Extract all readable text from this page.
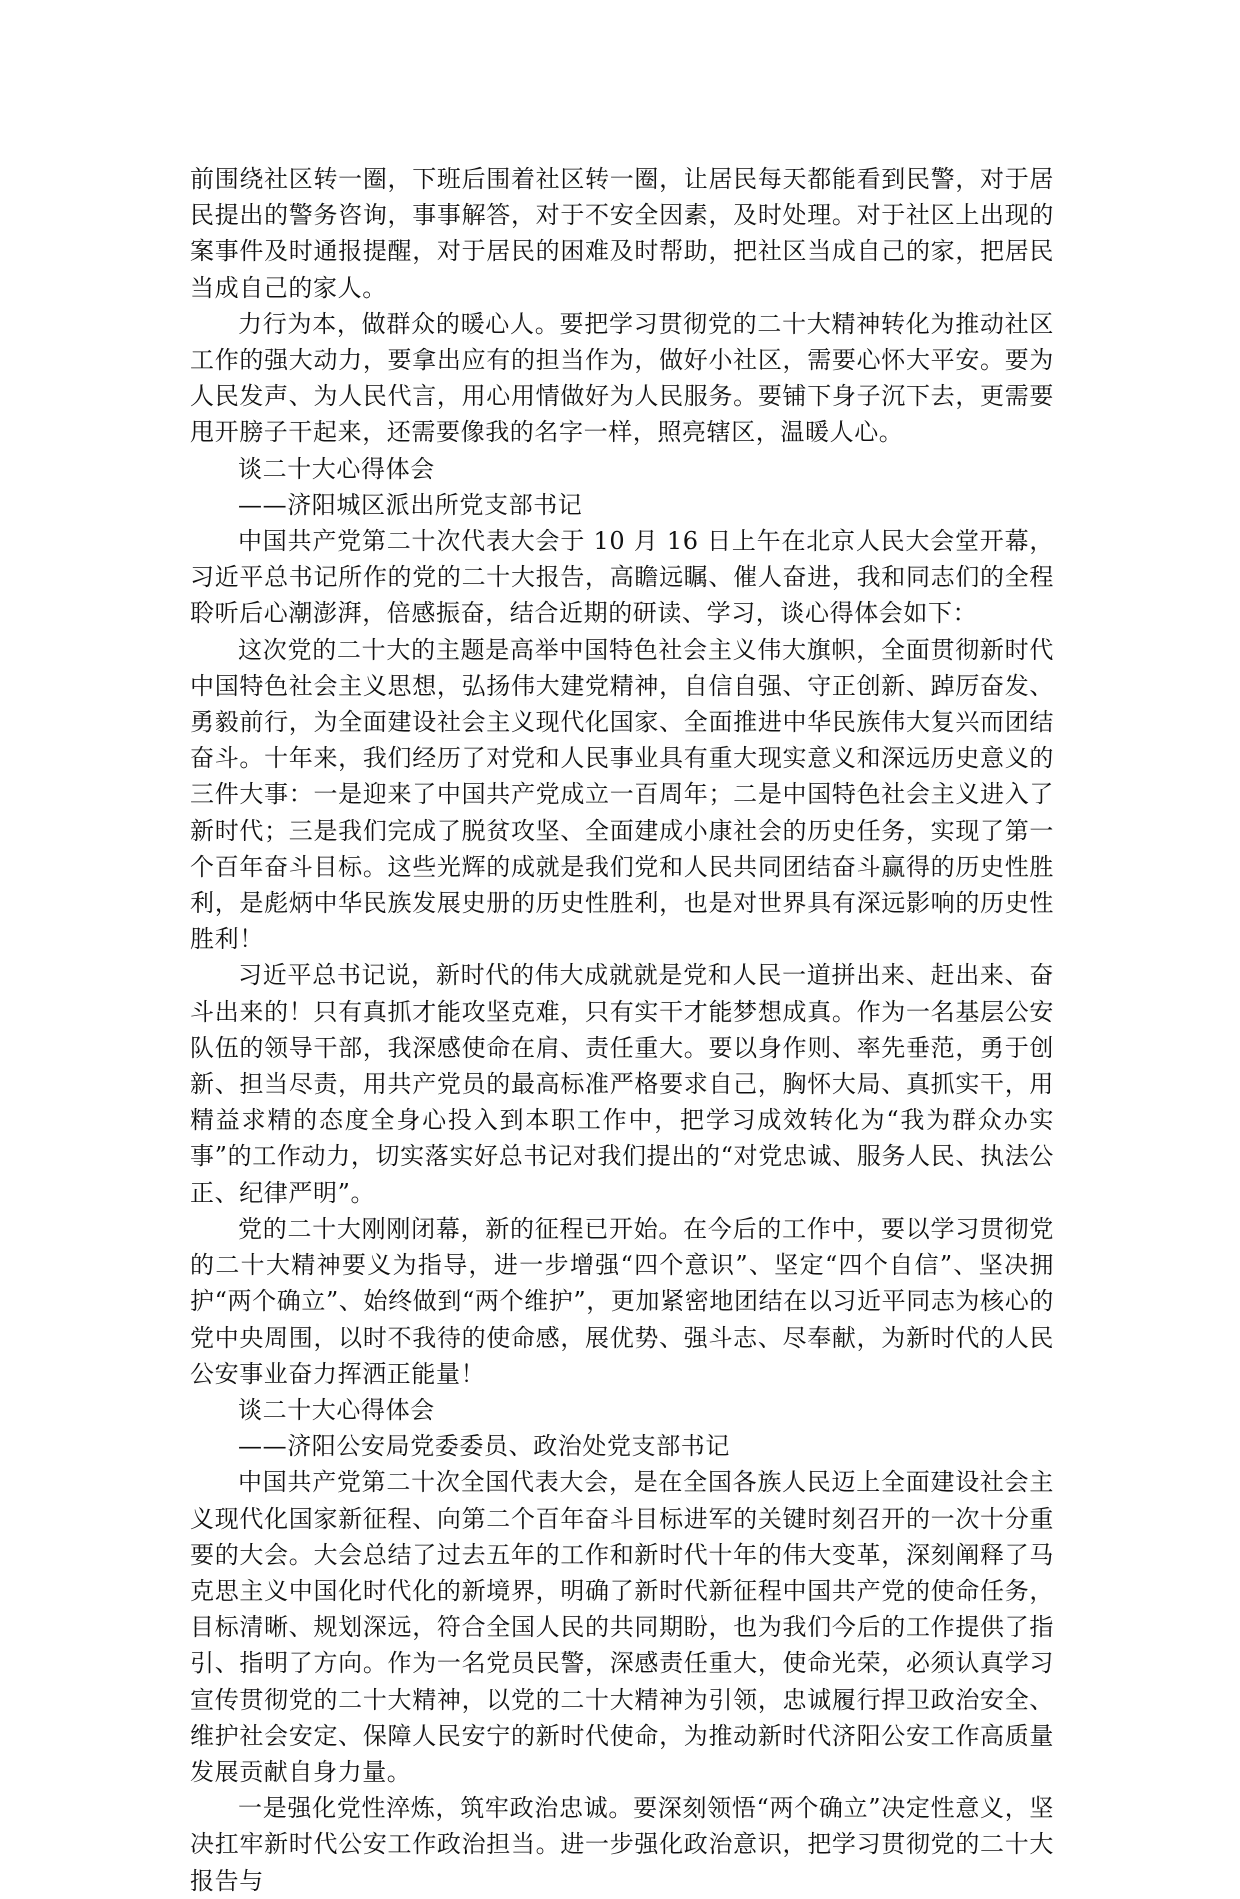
前围绕社区转一圈，下班后围着社区转一圈，让居民每天都能看到民警，对于居民提出的警务咨询，事事解答，对于不安全因素，及时处理。对于社区上出现的案事件及时通报提醒，对于居民的困难及时帮助，把社区当成自己的家，把居民当成自己的家人。

力行为本，做群众的暖心人。要把学习贯彻党的二十大精神转化为推动社区工作的强大动力，要拿出应有的担当作为，做好小社区，需要心怀大平安。要为人民发声、为人民代言，用心用情做好为人民服务。要铺下身子沉下去，更需要甩开膀子干起来，还需要像我的名字一样，照亮辖区，温暖人心。

谈二十大心得体会

——济阳城区派出所党支部书记

中国共产党第二十次代表大会于 10 月 16 日上午在北京人民大会堂开幕，习近平总书记所作的党的二十大报告，高瞻远瞩、催人奋进，我和同志们的全程聆听后心潮澎湃，倍感振奋，结合近期的研读、学习，谈心得体会如下：

这次党的二十大的主题是高举中国特色社会主义伟大旗帜，全面贯彻新时代中国特色社会主义思想，弘扬伟大建党精神，自信自强、守正创新、踔厉奋发、勇毅前行，为全面建设社会主义现代化国家、全面推进中华民族伟大复兴而团结奋斗。十年来，我们经历了对党和人民事业具有重大现实意义和深远历史意义的三件大事：一是迎来了中国共产党成立一百周年；二是中国特色社会主义进入了新时代；三是我们完成了脱贫攻坚、全面建成小康社会的历史任务，实现了第一个百年奋斗目标。这些光辉的成就是我们党和人民共同团结奋斗赢得的历史性胜利，是彪炳中华民族发展史册的历史性胜利，也是对世界具有深远影响的历史性胜利！

习近平总书记说，新时代的伟大成就就是党和人民一道拼出来、赶出来、奋斗出来的！只有真抓才能攻坚克难，只有实干才能梦想成真。作为一名基层公安队伍的领导干部，我深感使命在肩、责任重大。要以身作则、率先垂范，勇于创新、担当尽责，用共产党员的最高标准严格要求自己，胸怀大局、真抓实干，用精益求精的态度全身心投入到本职工作中，把学习成效转化为“我为群众办实事”的工作动力，切实落实好总书记对我们提出的“对党忠诚、服务人民、执法公正、纪律严明”。

党的二十大刚刚闭幕，新的征程已开始。在今后的工作中，要以学习贯彻党的二十大精神要义为指导，进一步增强“四个意识”、坚定“四个自信”、坚决拥护“两个确立”、始终做到“两个维护”，更加紧密地团结在以习近平同志为核心的党中央周围，以时不我待的使命感，展优势、强斗志、尽奉献，为新时代的人民公安事业奋力挥洒正能量！

谈二十大心得体会

——济阳公安局党委委员、政治处党支部书记

中国共产党第二十次全国代表大会，是在全国各族人民迈上全面建设社会主义现代化国家新征程、向第二个百年奋斗目标进军的关键时刻召开的一次十分重要的大会。大会总结了过去五年的工作和新时代十年的伟大变革，深刻阐释了马克思主义中国化时代化的新境界，明确了新时代新征程中国共产党的使命任务，目标清晰、规划深远，符合全国人民的共同期盼，也为我们今后的工作提供了指引、指明了方向。作为一名党员民警，深感责任重大，使命光荣，必须认真学习宣传贯彻党的二十大精神，以党的二十大精神为引领，忠诚履行捍卫政治安全、维护社会安定、保障人民安宁的新时代使命，为推动新时代济阳公安工作高质量发展贡献自身力量。

一是强化党性淬炼，筑牢政治忠诚。要深刻领悟“两个确立”决定性意义，坚决扛牢新时代公安工作政治担当。进一步强化政治意识，把学习贯彻党的二十大报告与
